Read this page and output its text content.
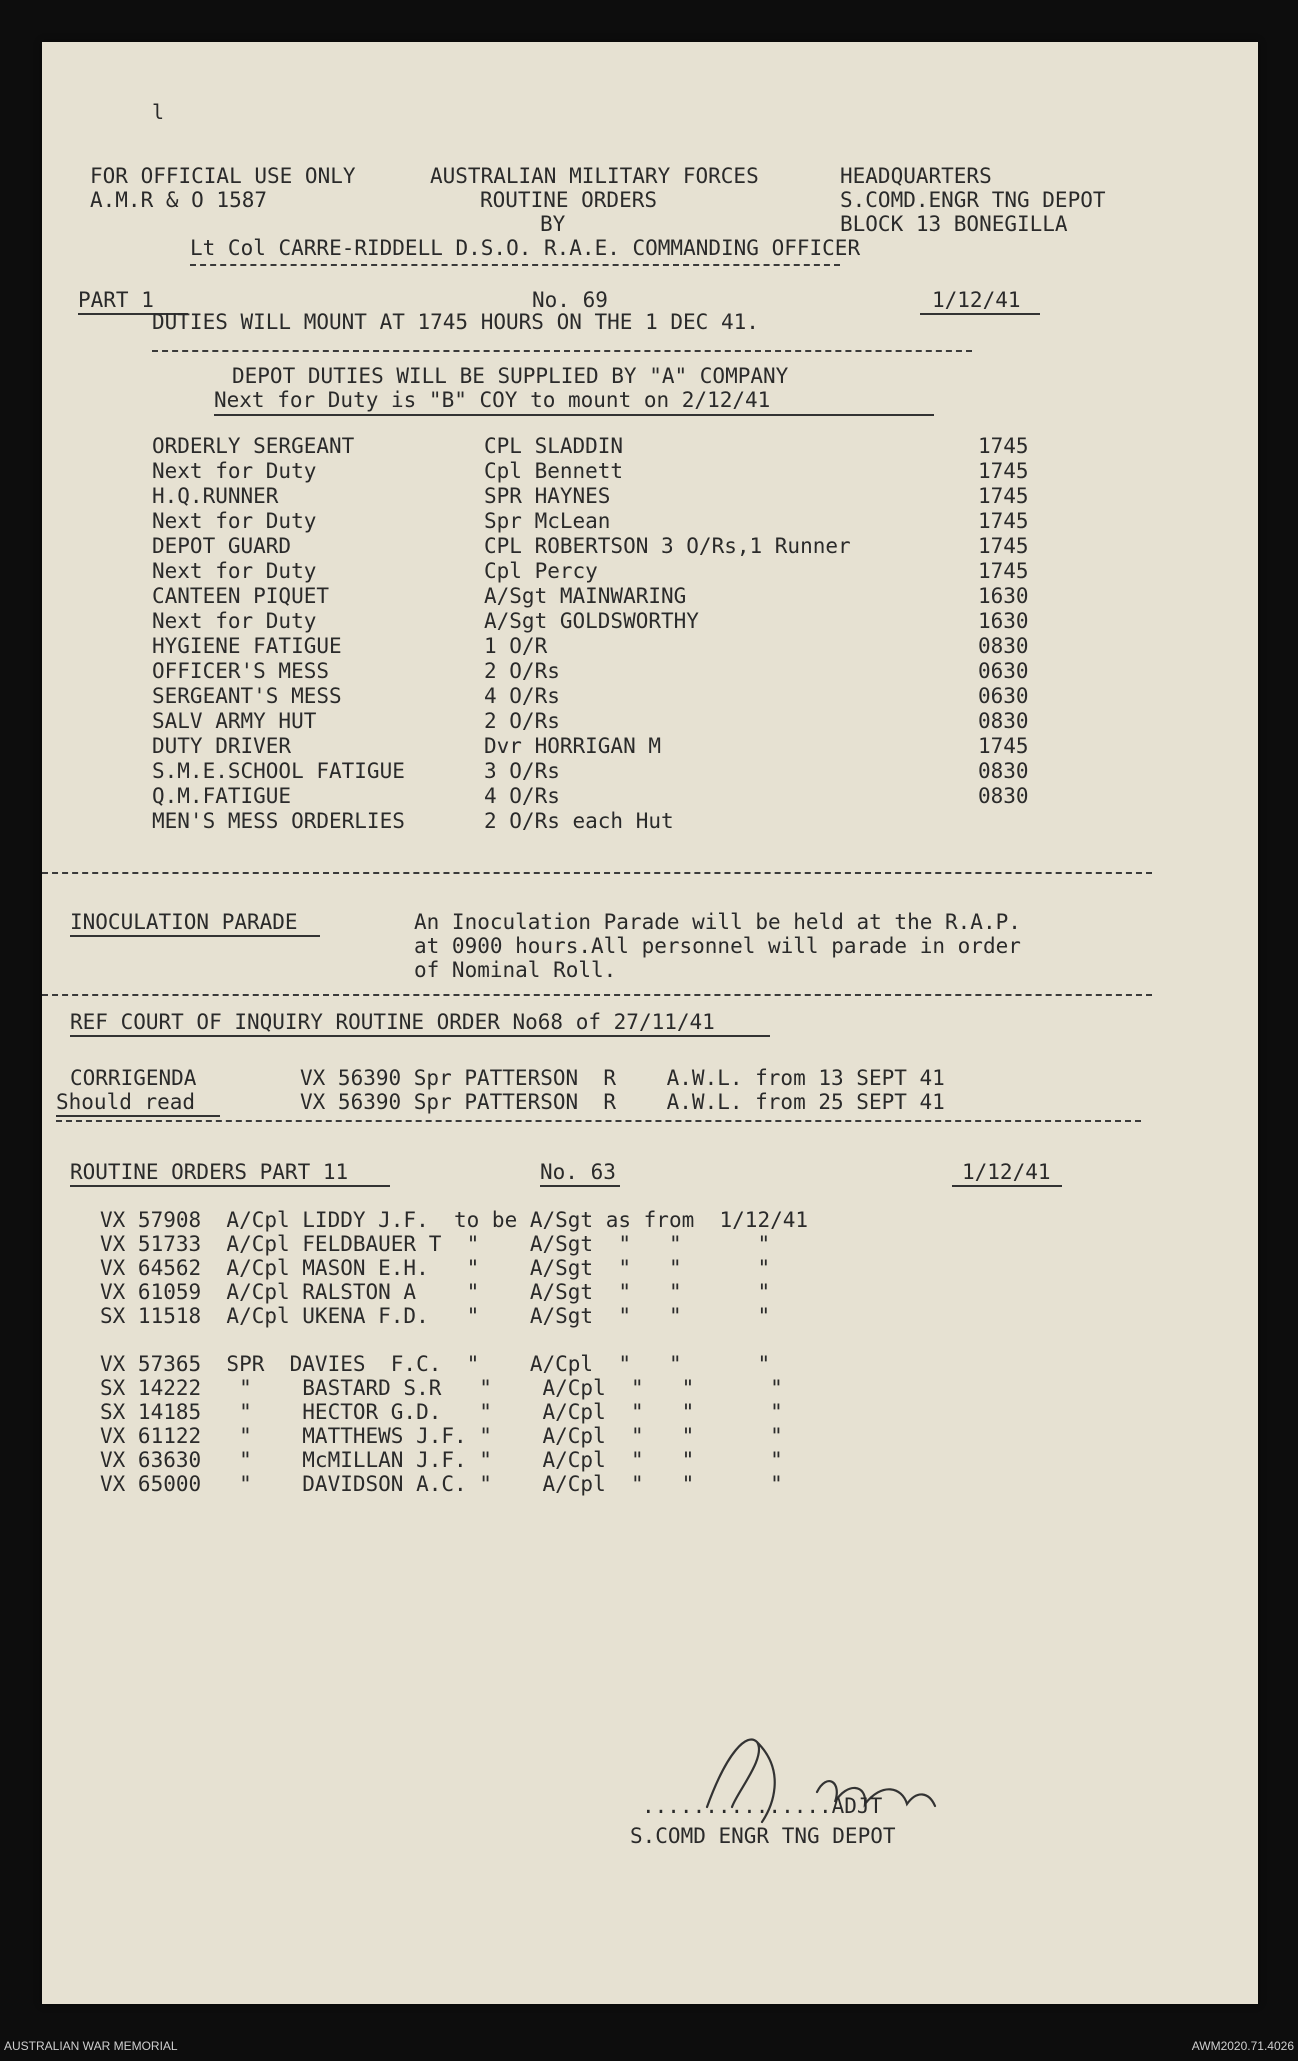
l
FOR OFFICIAL USE ONLY
A.M.R & O 1587
AUSTRALIAN MILITARY FORCES
ROUTINE ORDERS
BY
HEADQUARTERS
S.COMD.ENGR TNG DEPOT
BLOCK 13 BONEGILLA
Lt Col CARRE-RIDDELL D.S.O. R.A.E. COMMANDING OFFICER
PART 1	No. 69	1/12/41
DUTIES WILL MOUNT AT 1745 HOURS ON THE 1 DEC 41.
DEPOT DUTIES WILL BE SUPPLIED BY "A" COMPANY
Next for Duty is "B" COY to mount on 2/12/41
ORDERLY SERGEANT	CPL SLADDIN	1745
Next for Duty	Cpl Bennett	1745
H.Q.RUNNER	SPR HAYNES	1745
Next for Duty	Spr McLean	1745
DEPOT GUARD	CPL ROBERTSON 3 O/Rs,1 Runner	1745
Next for Duty	Cpl Percy	1745
CANTEEN PIQUET	A/Sgt MAINWARING	1630
Next for Duty	A/Sgt GOLDSWORTHY	1630
HYGIENE FATIGUE	1 O/R	0830
OFFICER'S MESS	2 O/Rs	0630
SERGEANT'S MESS	4 O/Rs	0630
SALV ARMY HUT	2 O/Rs	0830
DUTY DRIVER	Dvr HORRIGAN M	1745
S.M.E.SCHOOL FATIGUE	3 O/Rs	0830
Q.M.FATIGUE	4 O/Rs	0830
MEN'S MESS ORDERLIES	2 O/Rs each Hut
INOCULATION PARADE	An Inoculation Parade will be held at the R.A.P.
at 0900 hours.All personnel will parade in order
of Nominal Roll.
REF COURT OF INQUIRY ROUTINE ORDER No68 of 27/11/41
CORRIGENDA	VX 56390 Spr PATTERSON  R    A.W.L. from 13 SEPT 41
Should read	VX 56390 Spr PATTERSON  R    A.W.L. from 25 SEPT 41
ROUTINE ORDERS PART 11	No. 63	1/12/41
VX 57908  A/Cpl LIDDY J.F.  to be A/Sgt as from  1/12/41
VX 51733  A/Cpl FELDBAUER T  "    A/Sgt  "   "      "
VX 64562  A/Cpl MASON E.H.   "    A/Sgt  "   "      "
VX 61059  A/Cpl RALSTON A    "    A/Sgt  "   "      "
SX 11518  A/Cpl UKENA F.D.   "    A/Sgt  "   "      "
VX 57365  SPR  DAVIES  F.C.  "    A/Cpl  "   "      "
SX 14222   "    BASTARD S.R   "    A/Cpl  "   "      "
SX 14185   "    HECTOR G.D.   "    A/Cpl  "   "      "
VX 61122   "    MATTHEWS J.F. "    A/Cpl  "   "      "
VX 63630   "    McMILLAN J.F. "    A/Cpl  "   "      "
VX 65000   "    DAVIDSON A.C. "    A/Cpl  "   "      "
...............ADJT
S.COMD ENGR TNG DEPOT
AUSTRALIAN WAR MEMORIAL	AWM2020.71.4026
